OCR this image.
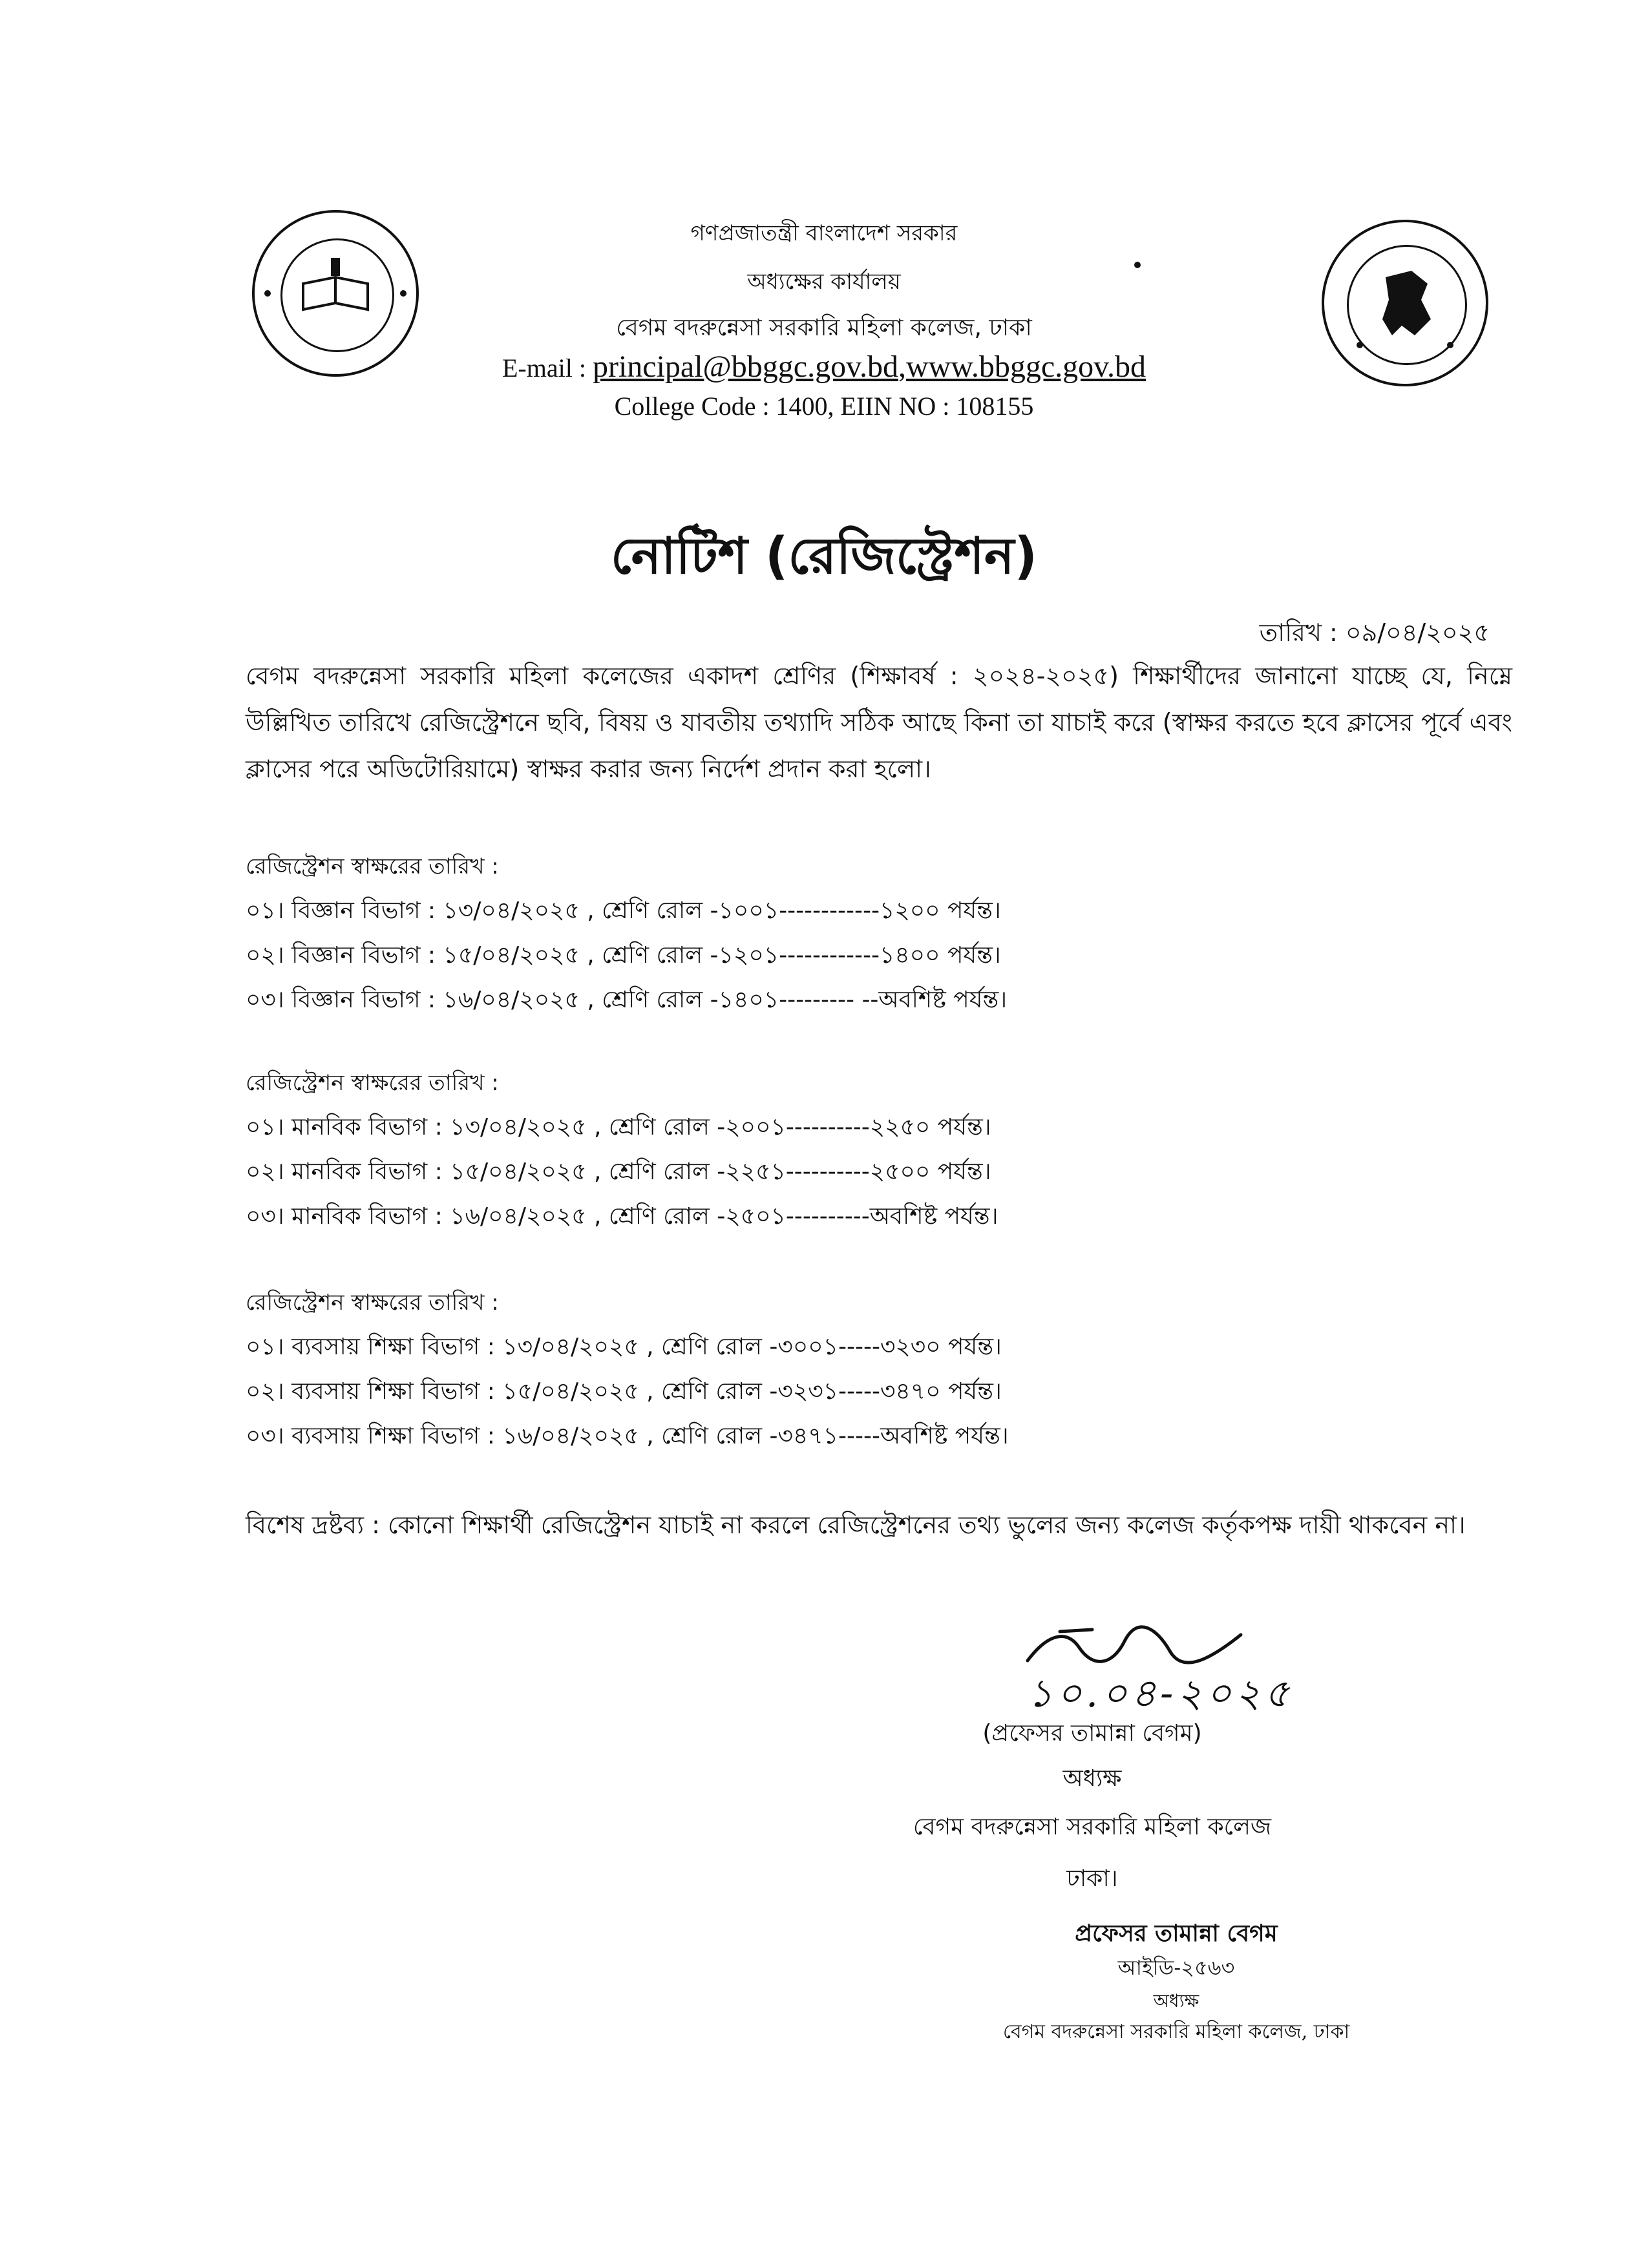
গণপ্রজাতন্ত্রী বাংলাদেশ সরকার
অধ্যক্ষের কার্যালয়
বেগম বদরুন্নেসা সরকারি মহিলা কলেজ, ঢাকা
E-mail : principal@bbggc.gov.bd,www.bbggc.gov.bd
College Code : 1400, EIIN NO : 108155
নোটিশ (রেজিস্ট্রেশন)
তারিখ : ০৯/০৪/২০২৫
বেগম বদরুন্নেসা সরকারি মহিলা কলেজের একাদশ শ্রেণির (শিক্ষাবর্ষ : ২০২৪-২০২৫) শিক্ষার্থীদের জানানো যাচ্ছে যে, নিম্নে উল্লিখিত তারিখে রেজিস্ট্রেশনে ছবি, বিষয় ও যাবতীয় তথ্যাদি সঠিক আছে কিনা তা যাচাই করে (স্বাক্ষর করতে হবে ক্লাসের পূর্বে এবং ক্লাসের পরে অডিটোরিয়ামে) স্বাক্ষর করার জন্য নির্দেশ প্রদান করা হলো।
রেজিস্ট্রেশন স্বাক্ষরের তারিখ :
০১। বিজ্ঞান বিভাগ : ১৩/০৪/২০২৫ , শ্রেণি রোল -১০০১------------১২০০ পর্যন্ত।
০২। বিজ্ঞান বিভাগ : ১৫/০৪/২০২৫ , শ্রেণি রোল -১২০১------------১৪০০ পর্যন্ত।
০৩। বিজ্ঞান বিভাগ : ১৬/০৪/২০২৫ , শ্রেণি রোল -১৪০১--------- --অবশিষ্ট পর্যন্ত।
রেজিস্ট্রেশন স্বাক্ষরের তারিখ :
০১। মানবিক বিভাগ : ১৩/০৪/২০২৫ , শ্রেণি রোল -২০০১----------২২৫০ পর্যন্ত।
০২। মানবিক বিভাগ : ১৫/০৪/২০২৫ , শ্রেণি রোল -২২৫১----------২৫০০ পর্যন্ত।
০৩। মানবিক বিভাগ : ১৬/০৪/২০২৫ , শ্রেণি রোল -২৫০১----------অবশিষ্ট পর্যন্ত।
রেজিস্ট্রেশন স্বাক্ষরের তারিখ :
০১। ব্যবসায় শিক্ষা বিভাগ : ১৩/০৪/২০২৫ , শ্রেণি রোল -৩০০১-----৩২৩০ পর্যন্ত।
০২। ব্যবসায় শিক্ষা বিভাগ : ১৫/০৪/২০২৫ , শ্রেণি রোল -৩২৩১-----৩৪৭০ পর্যন্ত।
০৩। ব্যবসায় শিক্ষা বিভাগ : ১৬/০৪/২০২৫ , শ্রেণি রোল -৩৪৭১-----অবশিষ্ট পর্যন্ত।
বিশেষ দ্রষ্টব্য : কোনো শিক্ষার্থী রেজিস্ট্রেশন যাচাই না করলে রেজিস্ট্রেশনের তথ্য ভুলের জন্য কলেজ কর্তৃকপক্ষ দায়ী থাকবেন না।
১০.০৪-২০২৫
(প্রফেসর তামান্না বেগম)
অধ্যক্ষ
বেগম বদরুন্নেসা সরকারি মহিলা কলেজ
ঢাকা।
প্রফেসর তামান্না বেগম
আইডি-২৫৬৩
অধ্যক্ষ
বেগম বদরুন্নেসা সরকারি মহিলা কলেজ, ঢাকা
